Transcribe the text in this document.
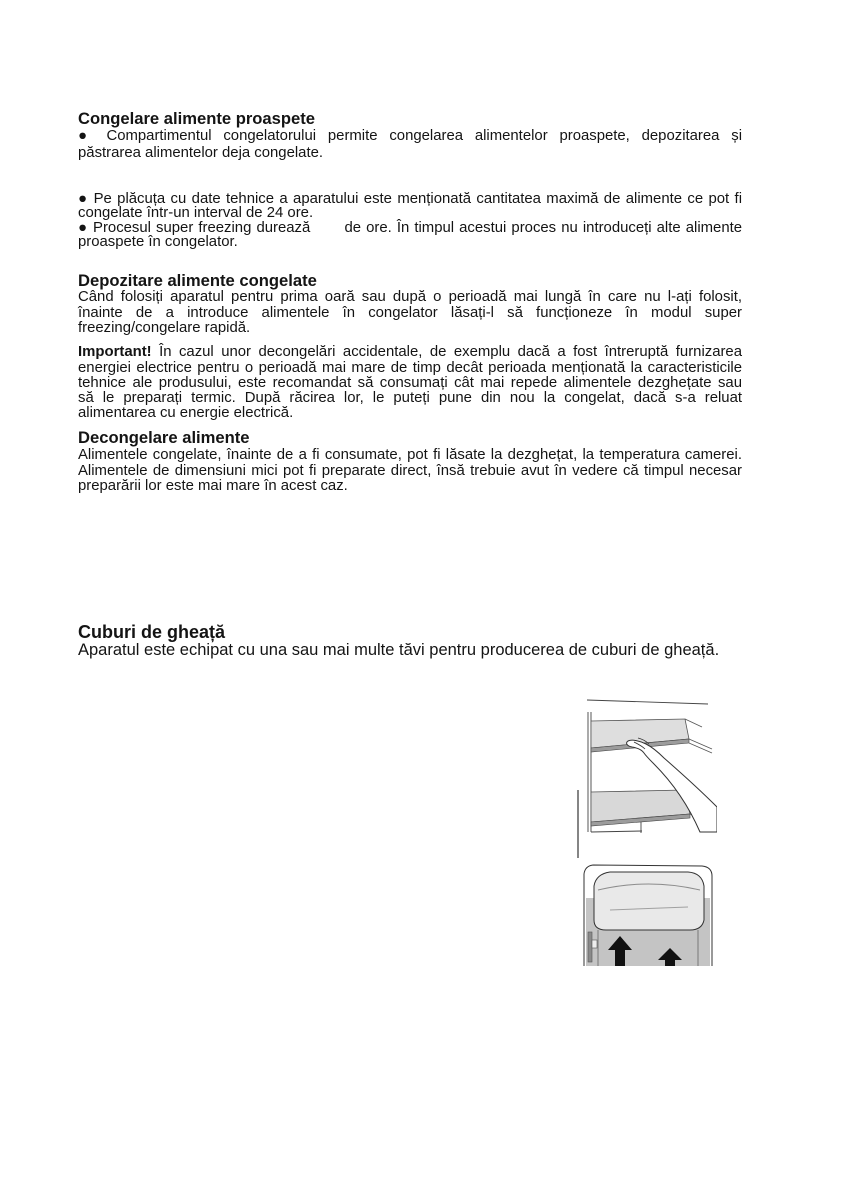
Congelare alimente proaspete
● Compartimentul congelatorului permite congelarea alimentelor proaspete, depozitarea și
păstrarea alimentelor deja congelate.
● Pe plăcuța cu date tehnice a aparatului este menționată cantitatea maximă de alimente ce pot fi
congelate într-un interval de 24 ore.
● Procesul super freezing durează de ore. În timpul acestui proces nu introduceți alte alimente
proaspete în congelator.
Depozitare alimente congelate
Când folosiți aparatul pentru prima oară sau după o perioadă mai lungă în care nu l-ați folosit,
înainte de a introduce alimentele în congelator lăsați-l să funcționeze în modul super
freezing/congelare rapidă.
Important! În cazul unor decongelări accidentale, de exemplu dacă a fost întreruptă furnizarea
energiei electrice pentru o perioadă mai mare de timp decât perioada menționată la caracteristicile
tehnice ale produsului, este recomandat să consumați cât mai repede alimentele dezghețate sau
să le preparați termic. După răcirea lor, le puteți pune din nou la congelat, dacă s-a reluat
alimentarea cu energie electrică.
Decongelare alimente
Alimentele congelate, înainte de a fi consumate, pot fi lăsate la dezghețat, la temperatura camerei.
Alimentele de dimensiuni mici pot fi preparate direct, însă trebuie avut în vedere că timpul necesar
preparării lor este mai mare în acest caz.
Cuburi de gheață
Aparatul este echipat cu una sau mai multe tăvi pentru producerea de cuburi de gheață.
